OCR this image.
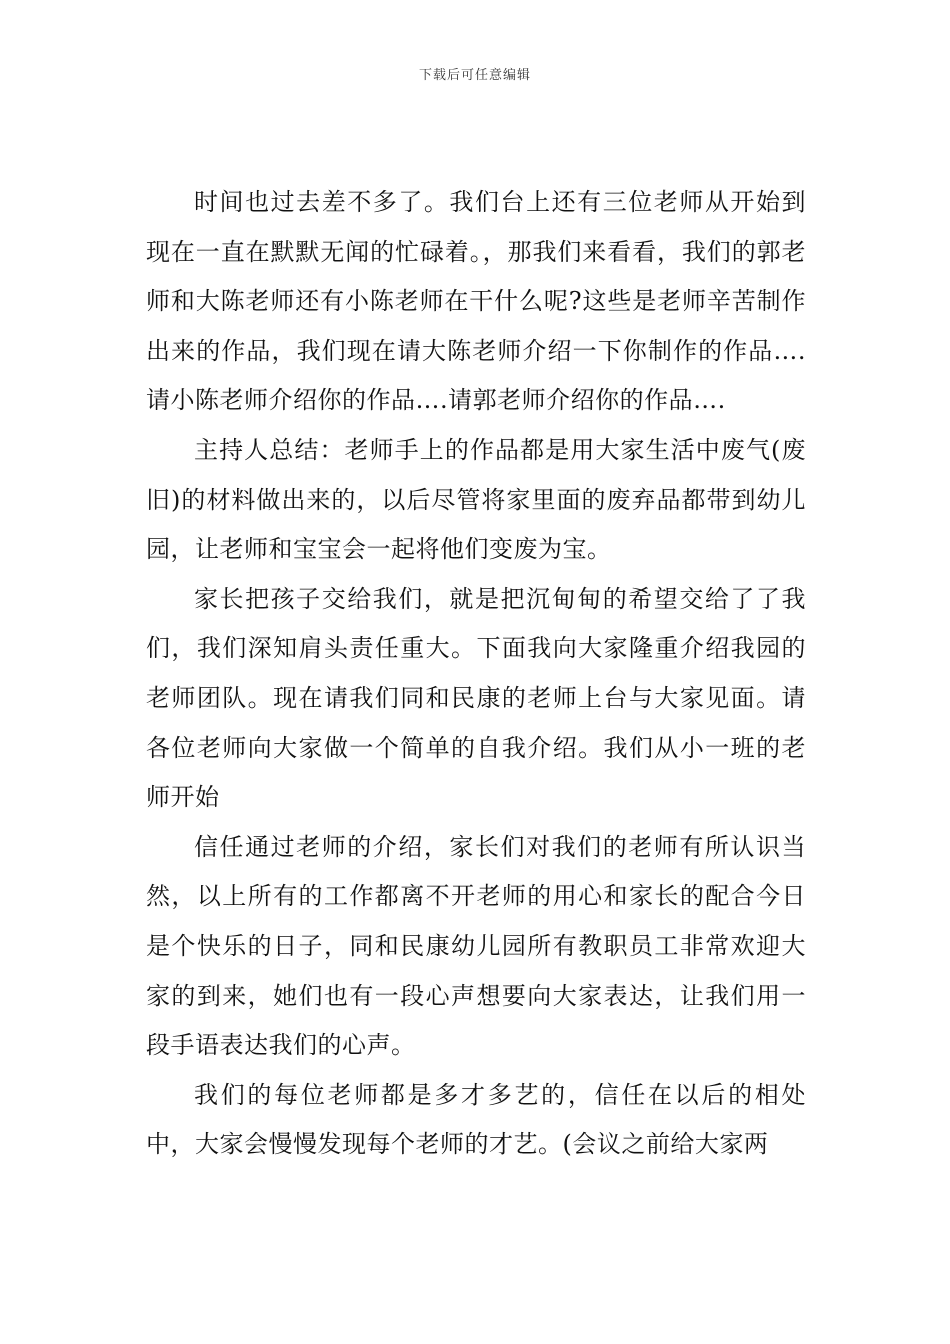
下载后可任意编辑

时间也过去差不多了。我们台上还有三位老师从开始到现在一直在默默无闻的忙碌着。，那我们来看看，我们的郭老师和大陈老师还有小陈老师在干什么呢?这些是老师辛苦制作出来的作品，我们现在请大陈老师介绍一下你制作的作品….请小陈老师介绍你的作品….请郭老师介绍你的作品….

主持人总结：老师手上的作品都是用大家生活中废气(废旧)的材料做出来的，以后尽管将家里面的废弃品都带到幼儿园，让老师和宝宝会一起将他们变废为宝。

家长把孩子交给我们，就是把沉甸甸的希望交给了了我们，我们深知肩头责任重大。下面我向大家隆重介绍我园的老师团队。现在请我们同和民康的老师上台与大家见面。请各位老师向大家做一个简单的自我介绍。我们从小一班的老师开始

信任通过老师的介绍，家长们对我们的老师有所认识当然，以上所有的工作都离不开老师的用心和家长的配合今日是个快乐的日子，同和民康幼儿园所有教职员工非常欢迎大家的到来，她们也有一段心声想要向大家表达，让我们用一段手语表达我们的心声。

我们的每位老师都是多才多艺的，信任在以后的相处中，大家会慢慢发现每个老师的才艺。(会议之前给大家两
